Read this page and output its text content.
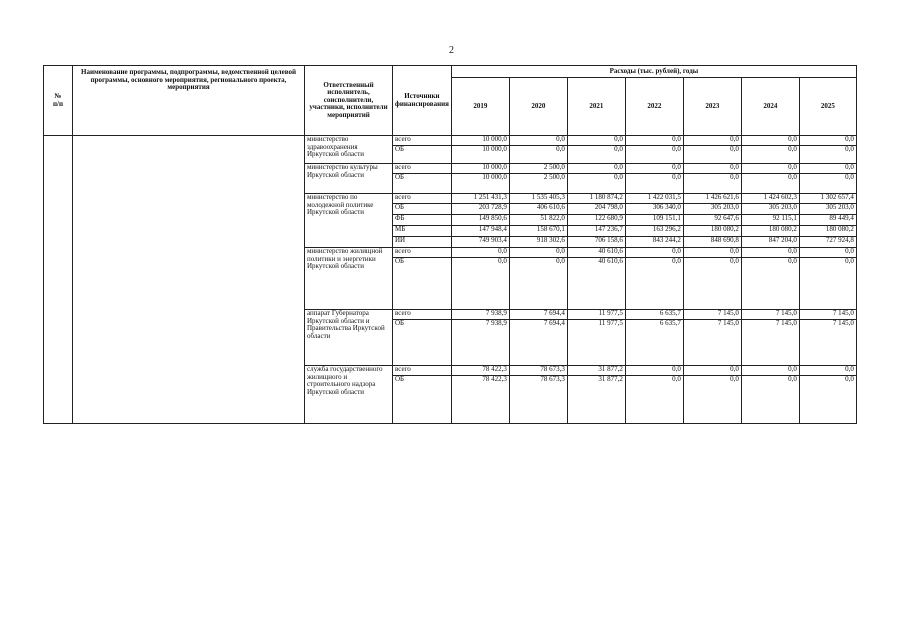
2
№
п/п	Наименование программы, подпрограммы, ведомственной целевой программы, основного мероприятия, регионального проекта, мероприятия	Ответственный исполнитель, соисполнители, участники, исполнители мероприятий	Источники финансирования	Расходы (тыс. рублей), годы						
				2019	2020	2021	2022	2023	2024	2025
		министерство здравоохранения Иркутской области	всего	10 000,0	0,0	0,0	0,0	0,0	0,0	0,0
			ОБ	10 000,0	0,0	0,0	0,0	0,0	0,0	0,0
		министерство культуры Иркутской области	всего	10 000,0	2 500,0	0,0	0,0	0,0	0,0	0,0
			ОБ	10 000,0	2 500,0	0,0	0,0	0,0	0,0	0,0
		министерство по молодежной политике Иркутской области	всего	1 251 431,3	1 535 405,3	1 180 874,2	1 422 031,5	1 426 621,6	1 424 602,3	1 302 657,4
			ОБ	203 728,9	406 610,6	204 798,0	306 340,0	305 203,0	305 203,0	305 203,0
			ФБ	149 850,6	51 822,0	122 680,9	109 151,1	92 647,6	92 115,1	89 449,4
			МБ	147 948,4	158 670,1	147 236,7	163 296,2	180 080,2	180 080,2	180 080,2
			ИИ	749 903,4	918 302,6	706 158,6	843 244,2	848 690,8	847 204,0	727 924,8
		министерство жилищной политики и энергетики Иркутской области	всего	0,0	0,0	40 610,6	0,0	0,0	0,0	0,0
			ОБ	0,0	0,0	40 610,6	0,0	0,0	0,0	0,0
		аппарат Губернатора Иркутской области и Правительства Иркутской области	всего	7 938,9	7 694,4	11 977,5	6 635,7	7 145,0	7 145,0	7 145,0
			ОБ	7 938,9	7 694,4	11 977,5	6 635,7	7 145,0	7 145,0	7 145,0
		служба государственного жилищного и строительного надзора Иркутской области	всего	78 422,3	78 673,3	31 877,2	0,0	0,0	0,0	0,0
			ОБ	78 422,3	78 673,3	31 877,2	0,0	0,0	0,0	0,0
